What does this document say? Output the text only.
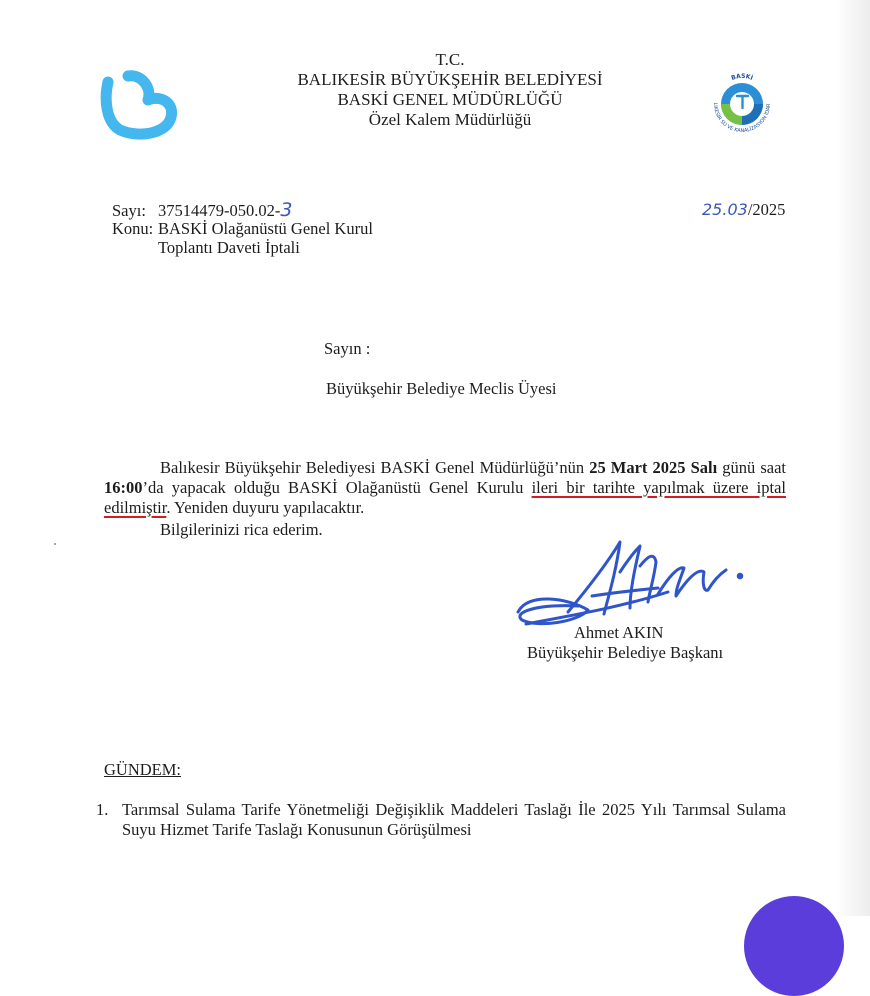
T.C.
BALIKESİR BÜYÜKŞEHİR BELEDİYESİ
BASKİ GENEL MÜDÜRLÜĞÜ
Özel Kalem Müdürlüğü
BASKİ
LIKESİR SU VE KANALİZASYON İDAR
Sayı: 37514479-050.02-3
Konu: BASKİ Olağanüstü Genel Kurul
Toplantı Daveti İptali
25.03/2025
Sayın :
Büyükşehir Belediye Meclis Üyesi

Balıkesir Büyükşehir Belediyesi BASKİ Genel Müdürlüğü’nün 25 Mart 2025 Salı günü saat 16:00’da yapacak olduğu BASKİ Olağanüstü Genel Kurulu ileri bir tarihte yapılmak üzere iptal edilmiştir. Yeniden duyuru yapılacaktır.

Bilgilerinizi rica ederim.
Ahmet AKIN
Büyükşehir Belediye Başkanı
GÜNDEM:
1. Tarımsal Sulama Tarife Yönetmeliği Değişiklik Maddeleri Taslağı İle 2025 Yılı Tarımsal Sulama Suyu Hizmet Tarife Taslağı Konusunun Görüşülmesi
